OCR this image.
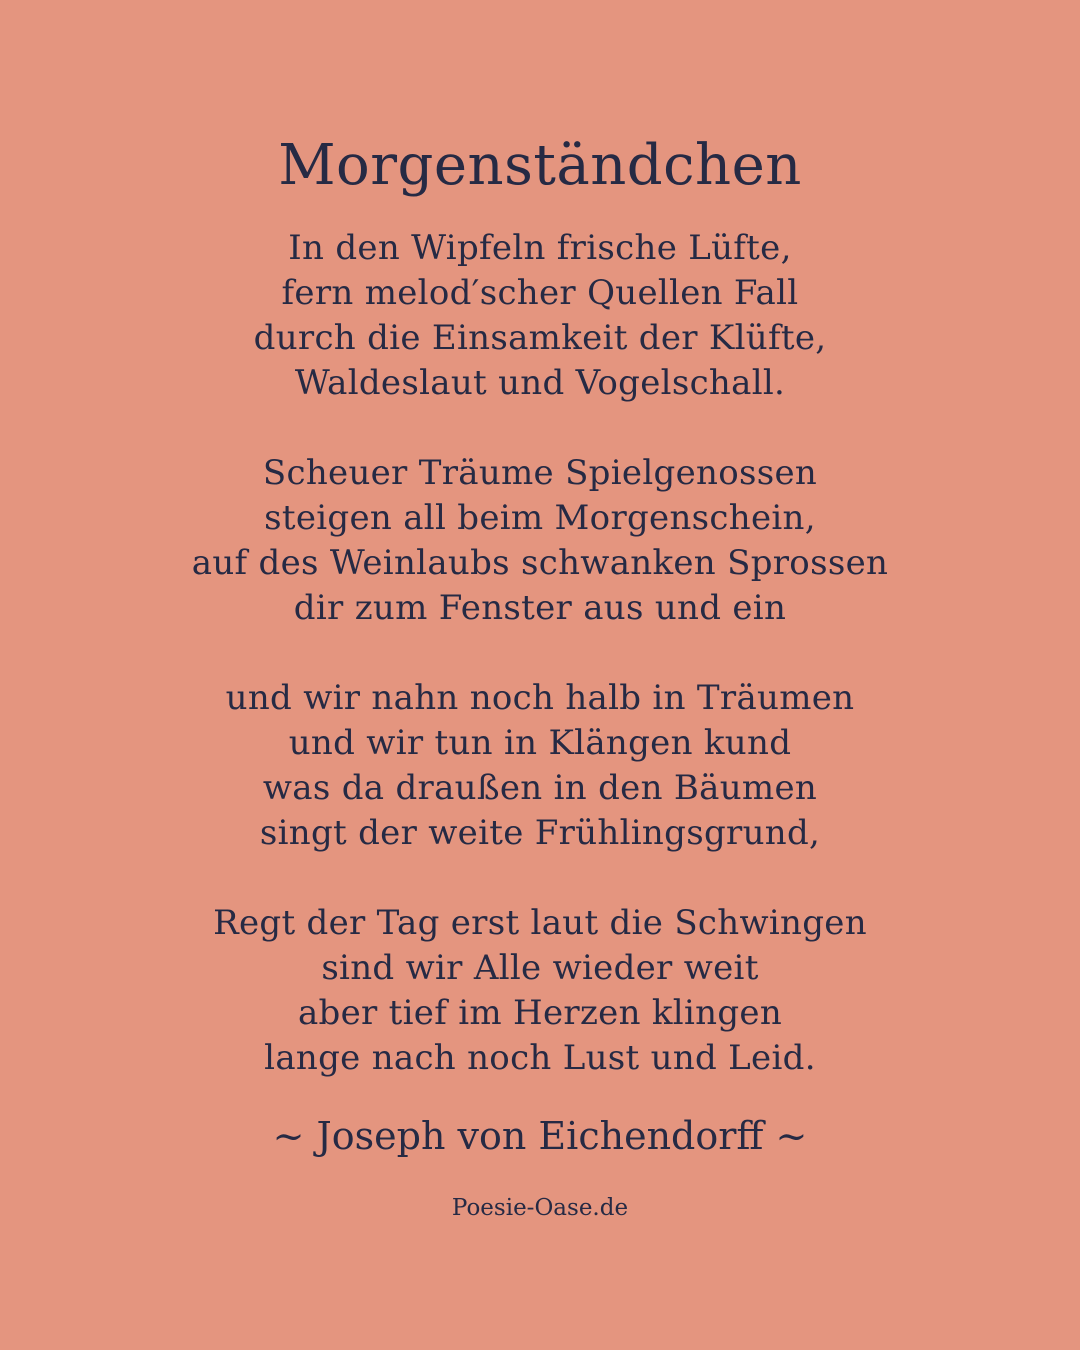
Morgenständchen
In den Wipfeln frische Lüfte,
fern melod′scher Quellen Fall
durch die Einsamkeit der Klüfte,
Waldeslaut und Vogelschall.
Scheuer Träume Spielgenossen
steigen all beim Morgenschein,
auf des Weinlaubs schwanken Sprossen
dir zum Fenster aus und ein
und wir nahn noch halb in Träumen
und wir tun in Klängen kund
was da draußen in den Bäumen
singt der weite Frühlingsgrund,
Regt der Tag erst laut die Schwingen
sind wir Alle wieder weit
aber tief im Herzen klingen
lange nach noch Lust und Leid.
~ Joseph von Eichendorff ~
Poesie-Oase.de
